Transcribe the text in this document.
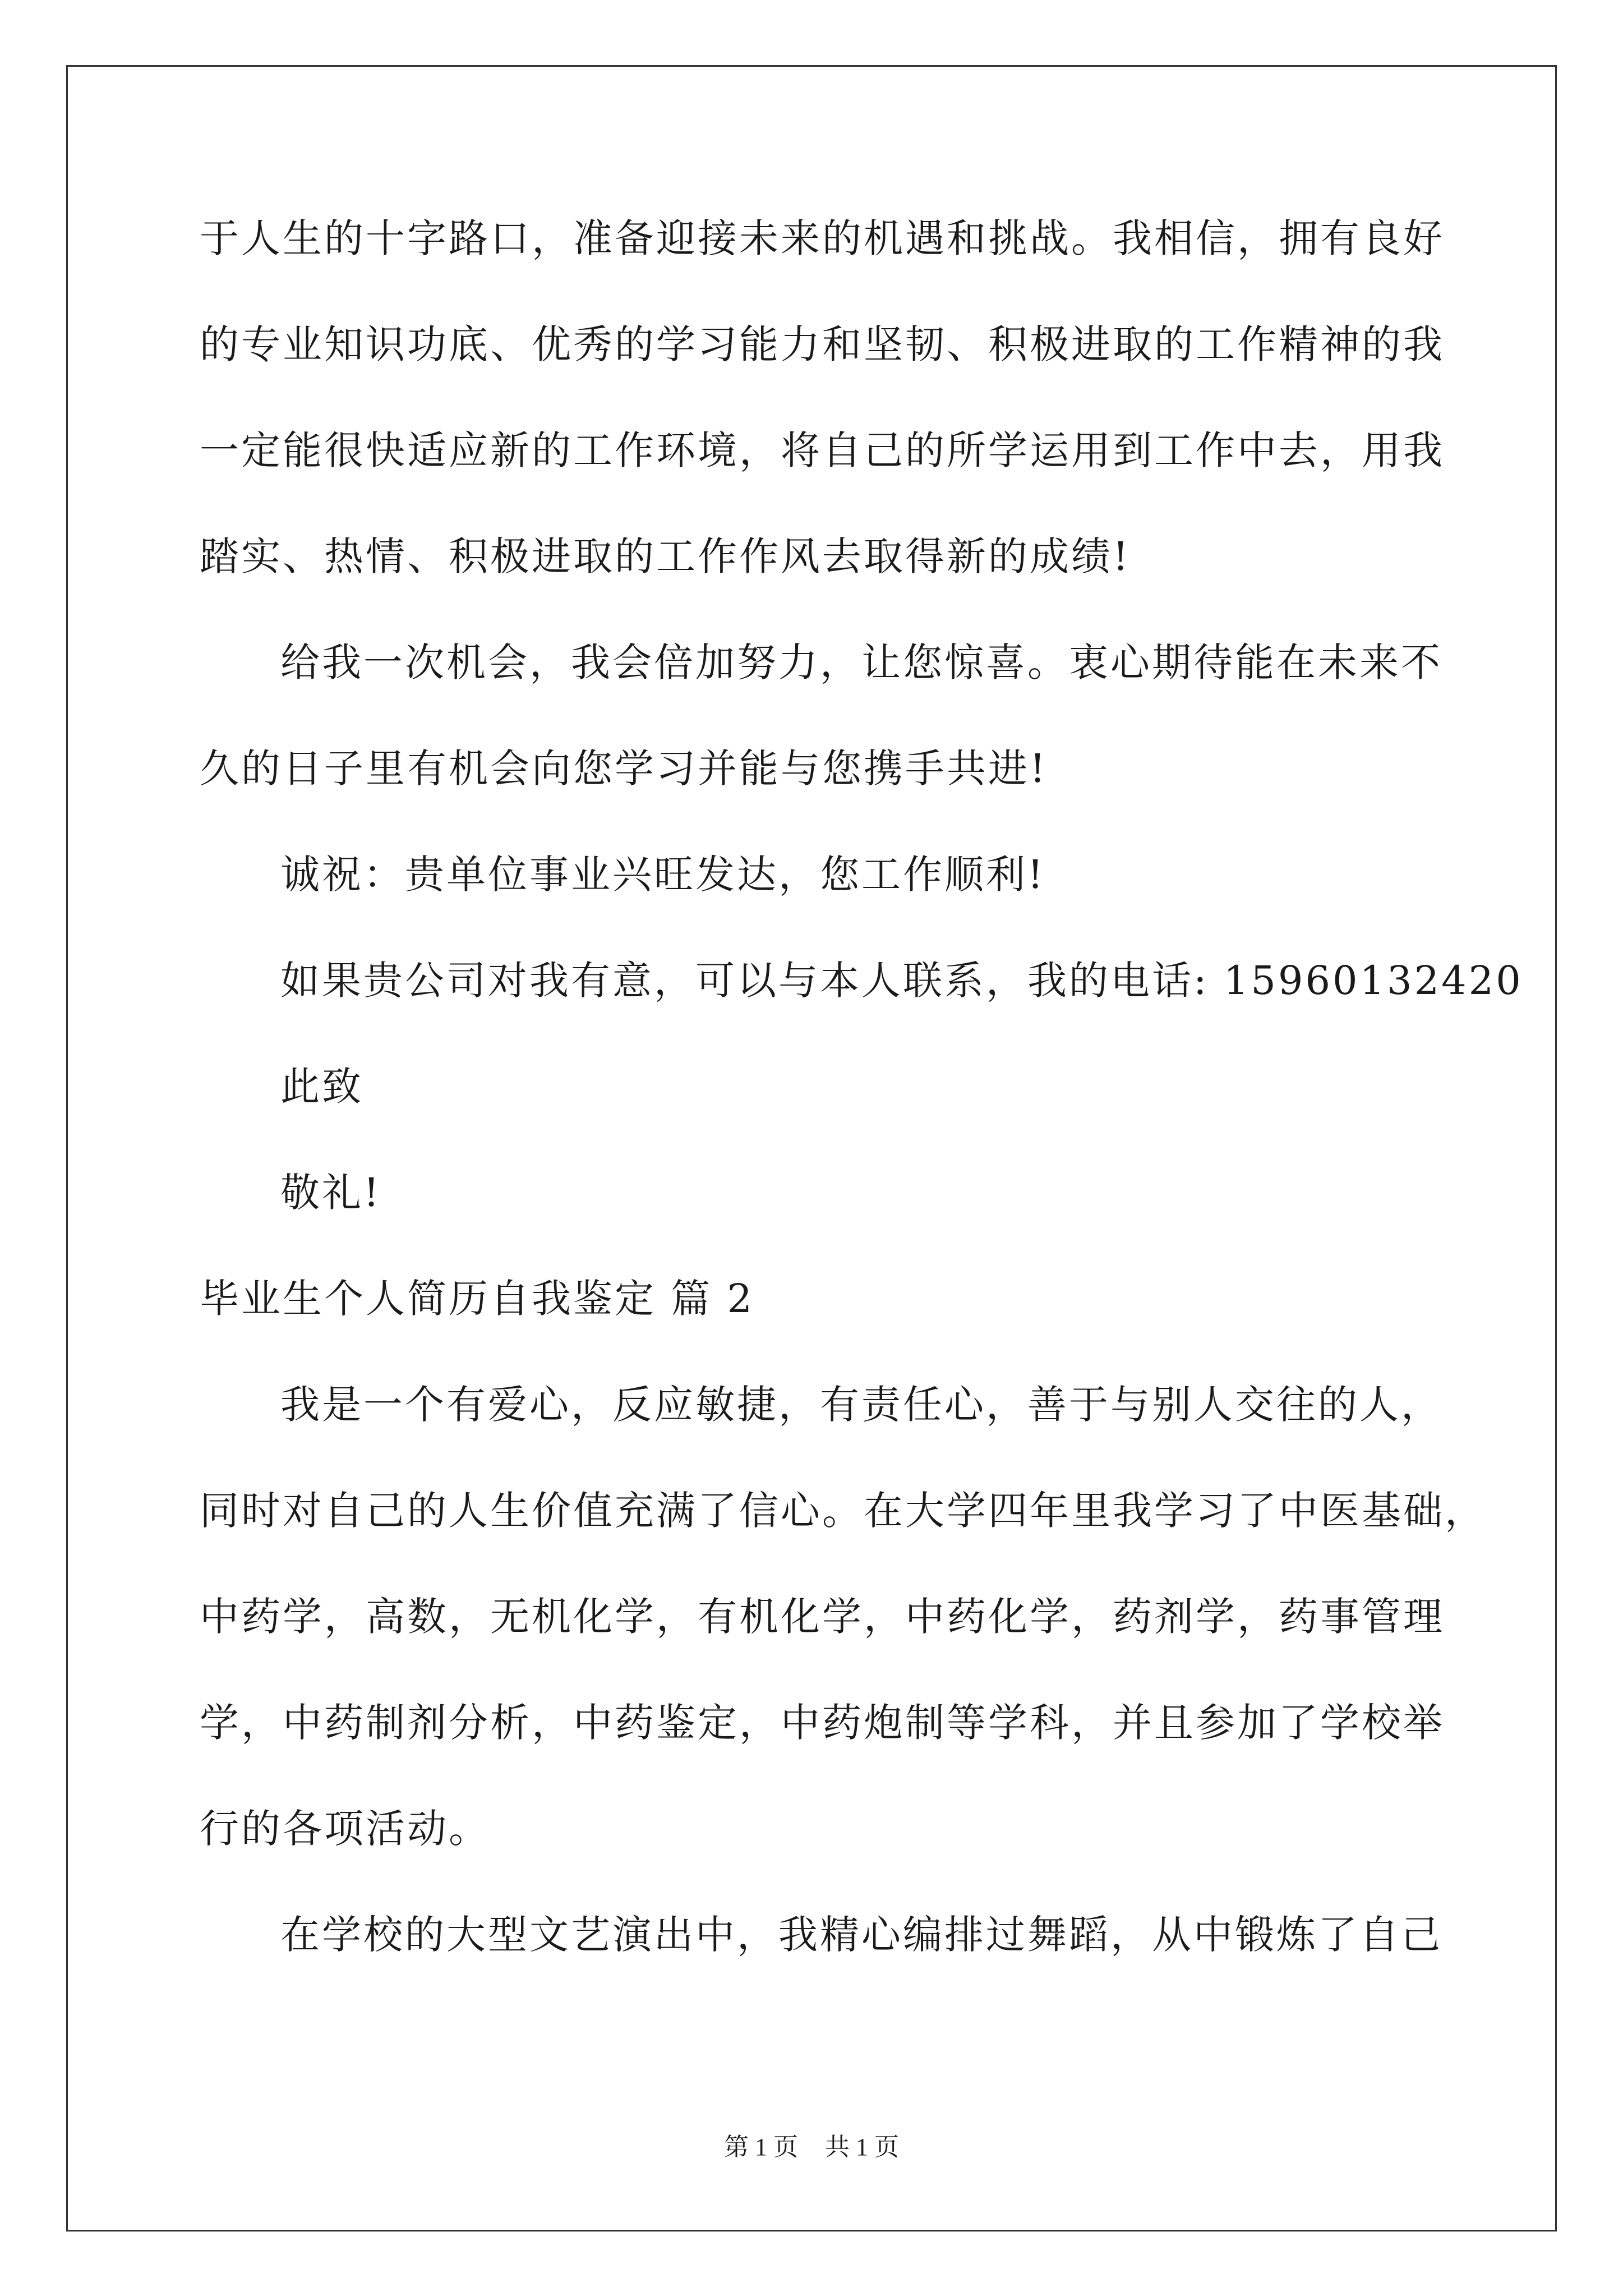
于人生的十字路口，准备迎接未来的机遇和挑战。我相信，拥有良好
的专业知识功底、优秀的学习能力和坚韧、积极进取的工作精神的我
一定能很快适应新的工作环境，将自己的所学运用到工作中去，用我
踏实、热情、积极进取的工作作风去取得新的成绩!
给我一次机会，我会倍加努力，让您惊喜。衷心期待能在未来不
久的日子里有机会向您学习并能与您携手共进!
诚祝：贵单位事业兴旺发达，您工作顺利!
如果贵公司对我有意，可以与本人联系，我的电话: 15960132420
此致
敬礼!
毕业生个人简历自我鉴定 篇 2
我是一个有爱心，反应敏捷，有责任心，善于与别人交往的人，
同时对自己的人生价值充满了信心。在大学四年里我学习了中医基础，
中药学，高数，无机化学，有机化学，中药化学，药剂学，药事管理
学，中药制剂分析，中药鉴定，中药炮制等学科，并且参加了学校举
行的各项活动。
在学校的大型文艺演出中，我精心编排过舞蹈，从中锻炼了自己
第 1 页 共 1 页
